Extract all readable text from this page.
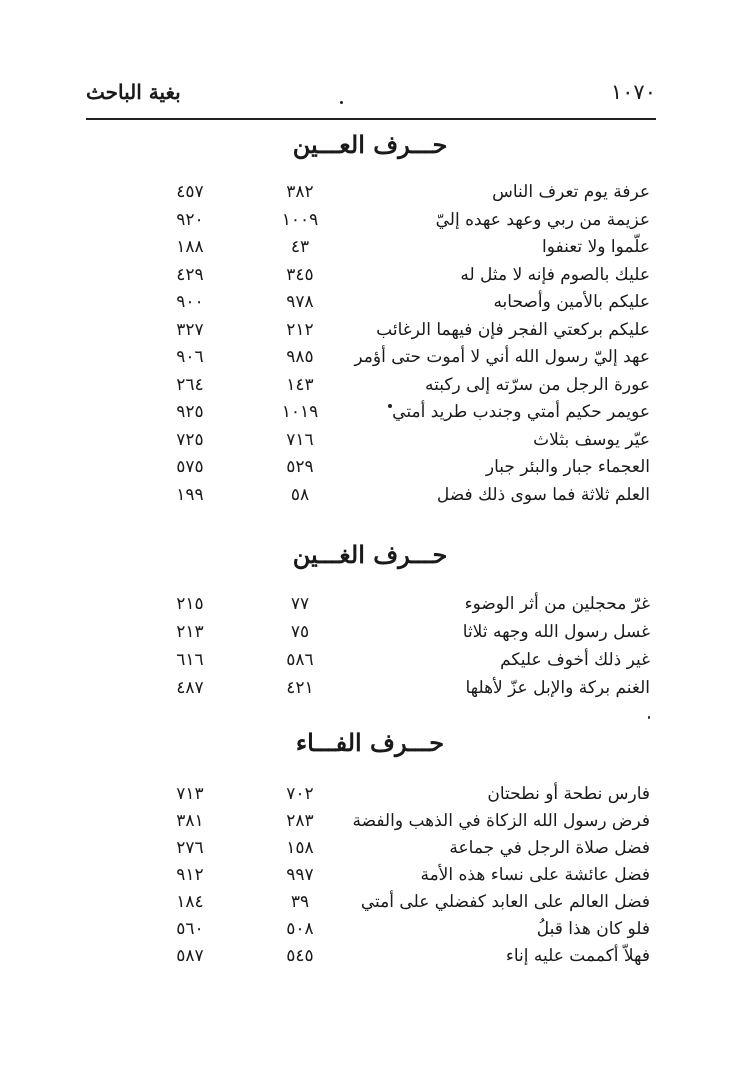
١٠٧٠
بغية الباحث
حـــرف العـــين
عرفة يوم تعرف الناس
٣٨٢
٤٥٧
عزيمة من ربي وعهد عهده إليّ
١٠٠٩
٩٢٠
علّموا ولا تعنفوا
٤٣
١٨٨
عليك بالصوم فإنه لا مثل له
٣٤٥
٤٢٩
عليكم بالأمين وأصحابه
٩٧٨
٩٠٠
عليكم بركعتي الفجر فإن فيهما الرغائب
٢١٢
٣٢٧
عهد إليّ رسول الله أني لا أموت حتى أؤمر
٩٨٥
٩٠٦
عورة الرجل من سرّته إلى ركبته
١٤٣
٢٦٤
عويمر حكيم أمتي وجندب طريد أمتي
١٠١٩
٩٢٥
عيّر يوسف بثلاث
٧١٦
٧٢٥
العجماء جبار والبئر جبار
٥٢٩
٥٧٥
العلم ثلاثة فما سوى ذلك فضل
٥٨
١٩٩
حـــرف الغـــين
غرّ محجلين من أثر الوضوء
٧٧
٢١٥
غسل رسول الله وجهه ثلاثا
٧٥
٢١٣
غير ذلك أخوف عليكم
٥٨٦
٦١٦
الغنم بركة والإبل عزّ لأهلها
٤٢١
٤٨٧
حـــرف الفـــاء
فارس نطحة أو نطحتان
٧٠٢
٧١٣
فرض رسول الله الزكاة في الذهب والفضة
٢٨٣
٣٨١
فضل صلاة الرجل في جماعة
١٥٨
٢٧٦
فضل عائشة على نساء هذه الأمة
٩٩٧
٩١٢
فضل العالم على العابد كفضلي على أمتي
٣٩
١٨٤
فلو كان هذا قبلُ
٥٠٨
٥٦٠
فهلاّ أكممت عليه إناء
٥٤٥
٥٨٧
